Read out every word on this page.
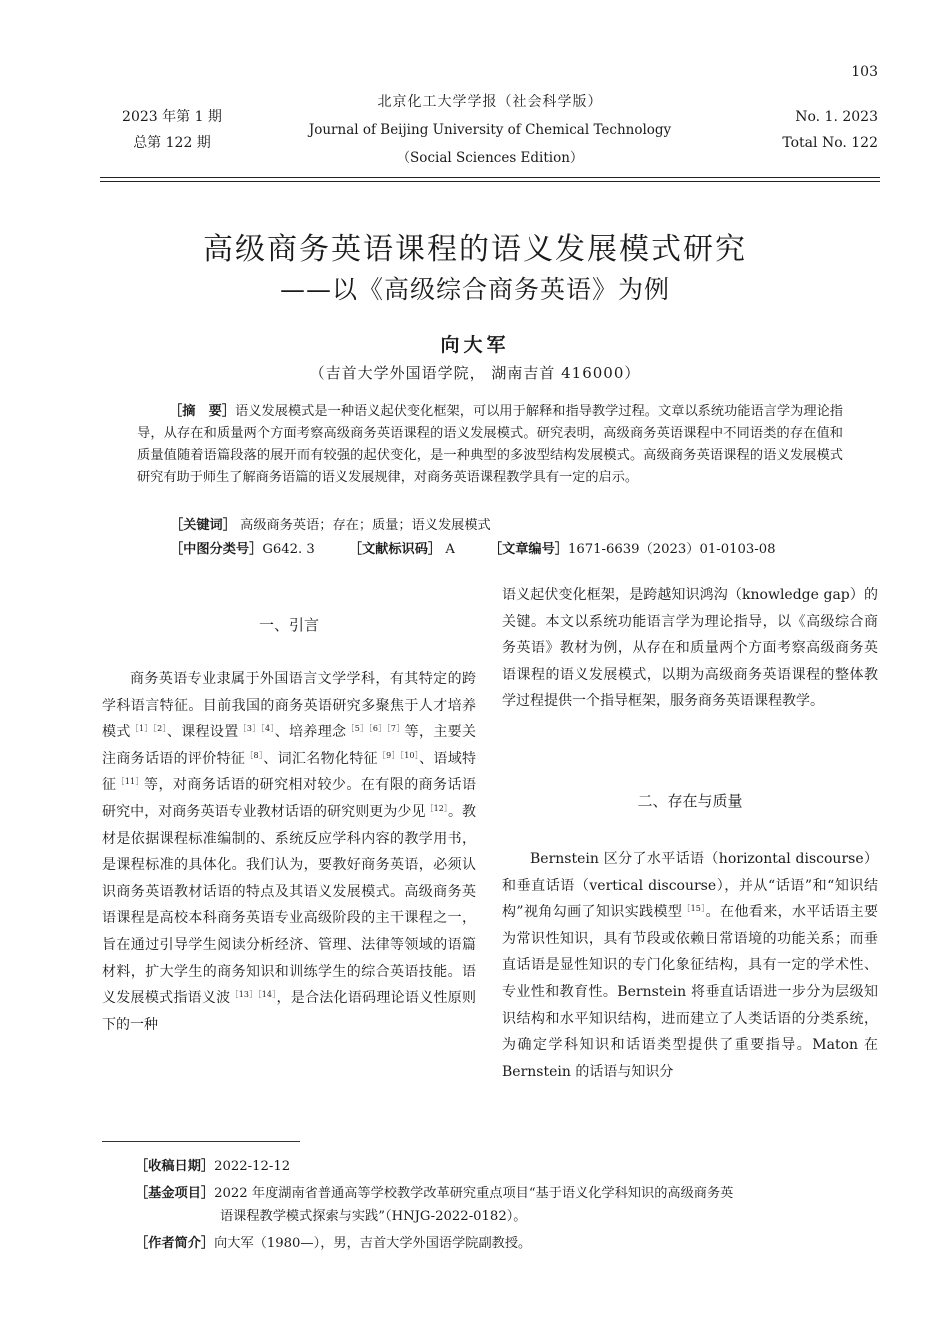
103
2023 年第 1 期
总第 122 期
北京化工大学学报（社会科学版）
Journal of Beijing University of Chemical Technology
（Social Sciences Edition）
No. 1. 2023
Total No. 122
高级商务英语课程的语义发展模式研究
——以《高级综合商务英语》为例
向大军
（吉首大学外国语学院， 湖南吉首 416000）
［摘　要］语义发展模式是一种语义起伏变化框架，可以用于解释和指导教学过程。文章以系统功能语言学为理论指导，从存在和质量两个方面考察高级商务英语课程的语义发展模式。研究表明，高级商务英语课程中不同语类的存在值和质量值随着语篇段落的展开而有较强的起伏变化，是一种典型的多波型结构发展模式。高级商务英语课程的语义发展模式研究有助于师生了解商务语篇的语义发展规律，对商务英语课程教学具有一定的启示。
［关键词］ 高级商务英语；存在；质量；语义发展模式
［中图分类号］G642. 3	［文献标识码］ A	［文章编号］1671-6639（2023）01-0103-08
一、引言

商务英语专业隶属于外国语言文学学科，有其特定的跨学科语言特征。目前我国的商务英语研究多聚焦于人才培养模式$^{[1][2]}$、课程设置$^{[3][4]}$、培养理念$^{[5][6][7]}$等，主要关注商务话语的评价特征$^{[8]}$、词汇名物化特征$^{[9][10]}$、语域特征$^{[11]}$等，对商务话语的研究相对较少。在有限的商务话语研究中，对商务英语专业教材话语的研究则更为少见$^{[12]}$。教材是依据课程标准编制的、系统反应学科内容的教学用书，是课程标准的具体化。我们认为，要教好商务英语，必须认识商务英语教材话语的特点及其语义发展模式。高级商务英语课程是高校本科商务英语专业高级阶段的主干课程之一，旨在通过引导学生阅读分析经济、管理、法律等领域的语篇材料，扩大学生的商务知识和训练学生的综合英语技能。语义发展模式指语义波$^{[13][14]}$，是合法化语码理论语义性原则下的一种

语义起伏变化框架，是跨越知识鸿沟（knowledge gap）的关键。本文以系统功能语言学为理论指导，以《高级综合商务英语》教材为例，从存在和质量两个方面考察高级商务英语课程的语义发展模式，以期为高级商务英语课程的整体教学过程提供一个指导框架，服务商务英语课程教学。

二、存在与质量

Bernstein 区分了水平话语（horizontal discourse）和垂直话语（vertical discourse），并从“话语”和“知识结构”视角勾画了知识实践模型$^{[15]}$。在他看来，水平话语主要为常识性知识，具有节段或依赖日常语境的功能关系；而垂直话语是显性知识的专门化象征结构，具有一定的学术性、专业性和教育性。Bernstein 将垂直话语进一步分为层级知识结构和水平知识结构，进而建立了人类话语的分类系统，为确定学科知识和话语类型提供了重要指导。Maton 在 Bernstein 的话语与知识分

［收稿日期］2022-12-12
［基金项目］2022 年度湖南省普通高等学校教学改革研究重点项目“基于语义化学科知识的高级商务英
语课程教学模式探索与实践”（HNJG-2022-0182）。
［作者简介］向大军（1980—），男，吉首大学外国语学院副教授。
